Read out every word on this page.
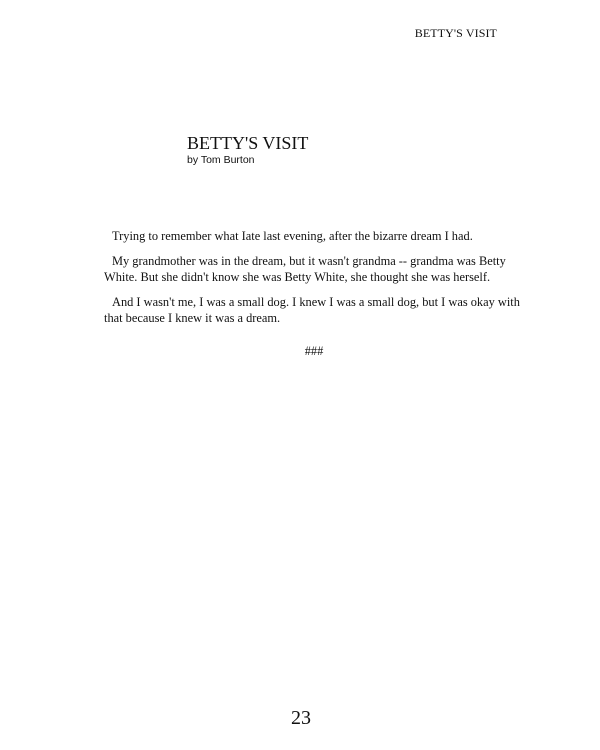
BETTY'S VISIT
BETTY'S VISIT
by Tom Burton

Trying to remember what Iate last evening, after the bizarre dream I had.

My grandmother was in the dream, but it wasn't grandma -- grandma was Betty White. But she didn't know she was Betty White, she thought she was herself.

And I wasn't me, I was a small dog. I knew I was a small dog, but I was okay with that because I knew it was a dream.

###
23
